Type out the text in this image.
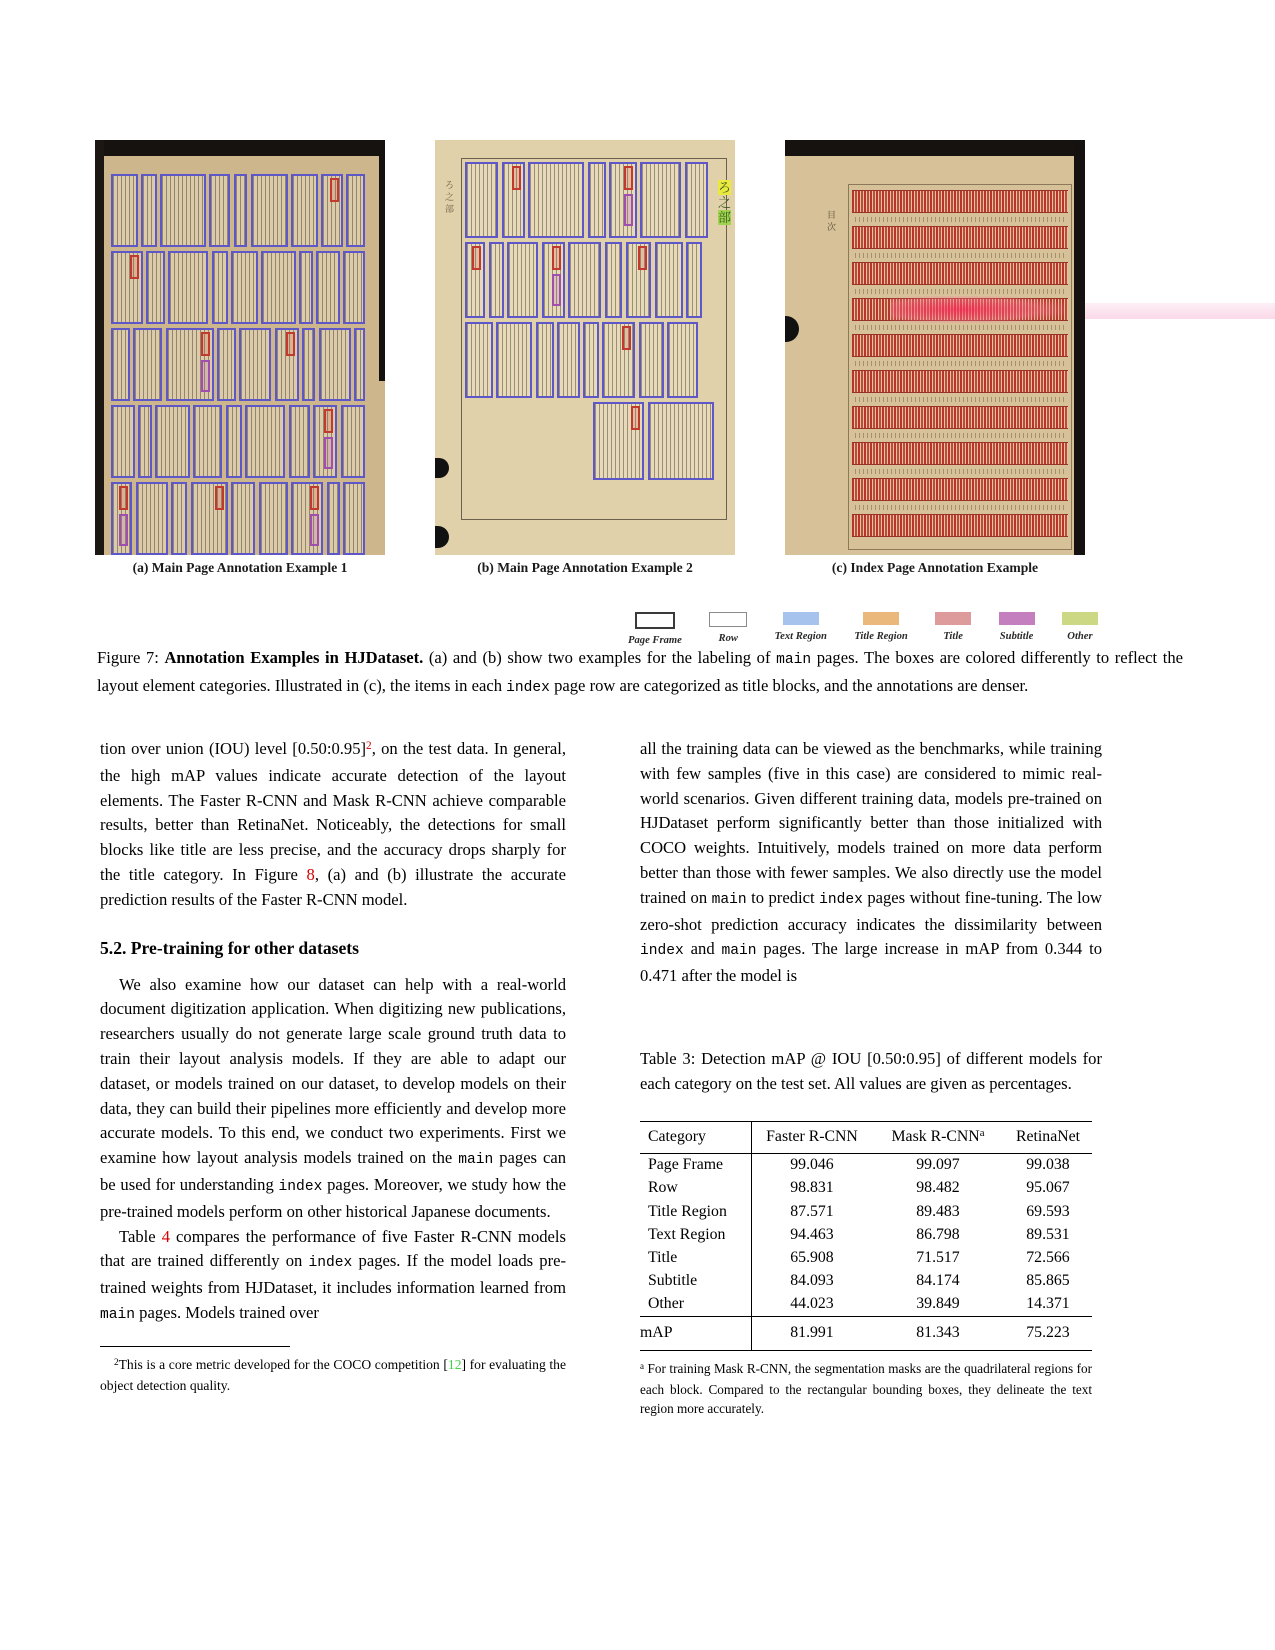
ろ之部	ろ
之
部	目次
(a) Main Page Annotation Example 1	(b) Main Page Annotation Example 2	(c) Index Page Annotation Example
Page Frame	Row	Text Region	Title Region	Title	Subtitle	Other
Figure 7: Annotation Examples in HJDataset. (a) and (b) show two examples for the labeling of main pages. The boxes are colored differently to reflect the layout element categories. Illustrated in (c), the items in each index page row are categorized as title blocks, and the annotations are denser.

tion over union (IOU) level [0.50:0.95]$^2$, on the test data. In general, the high mAP values indicate accurate detection of the layout elements. The Faster R-CNN and Mask R-CNN achieve comparable results, better than RetinaNet. Noticeably, the detections for small blocks like title are less precise, and the accuracy drops sharply for the title category. In Figure 8, (a) and (b) illustrate the accurate prediction results of the Faster R-CNN model.

5.2. Pre-training for other datasets

We also examine how our dataset can help with a real-world document digitization application. When digitizing new publications, researchers usually do not generate large scale ground truth data to train their layout analysis models. If they are able to adapt our dataset, or models trained on our dataset, to develop models on their data, they can build their pipelines more efficiently and develop more accurate models. To this end, we conduct two experiments. First we examine how layout analysis models trained on the main pages can be used for understanding index pages. Moreover, we study how the pre-trained models perform on other historical Japanese documents.

Table 4 compares the performance of five Faster R-CNN models that are trained differently on index pages. If the model loads pre-trained weights from HJDataset, it includes information learned from main pages. Models trained over

$^2$This is a core metric developed for the COCO competition [12] for evaluating the object detection quality.

all the training data can be viewed as the benchmarks, while training with few samples (five in this case) are considered to mimic real-world scenarios. Given different training data, models pre-trained on HJDataset perform significantly better than those initialized with COCO weights. Intuitively, models trained on more data perform better than those with fewer samples. We also directly use the model trained on main to predict index pages without fine-tuning. The low zero-shot prediction accuracy indicates the dissimilarity between index and main pages. The large increase in mAP from 0.344 to 0.471 after the model is

Table 3: Detection mAP @ IOU [0.50:0.95] of different models for each category on the test set. All values are given as percentages.

Category	Faster R-CNN	Mask R-CNN$^a$	RetinaNet
Page Frame	99.046	99.097	99.038
Row	98.831	98.482	95.067
Title Region	87.571	89.483	69.593
Text Region	94.463	86.798	89.531
Title	65.908	71.517	72.566
Subtitle	84.093	84.174	85.865
Other	44.023	39.849	14.371
mAP	81.991	81.343	75.223
$^a$ For training Mask R-CNN, the segmentation masks are the quadrilateral regions for each block. Compared to the rectangular bounding boxes, they delineate the text region more accurately.
